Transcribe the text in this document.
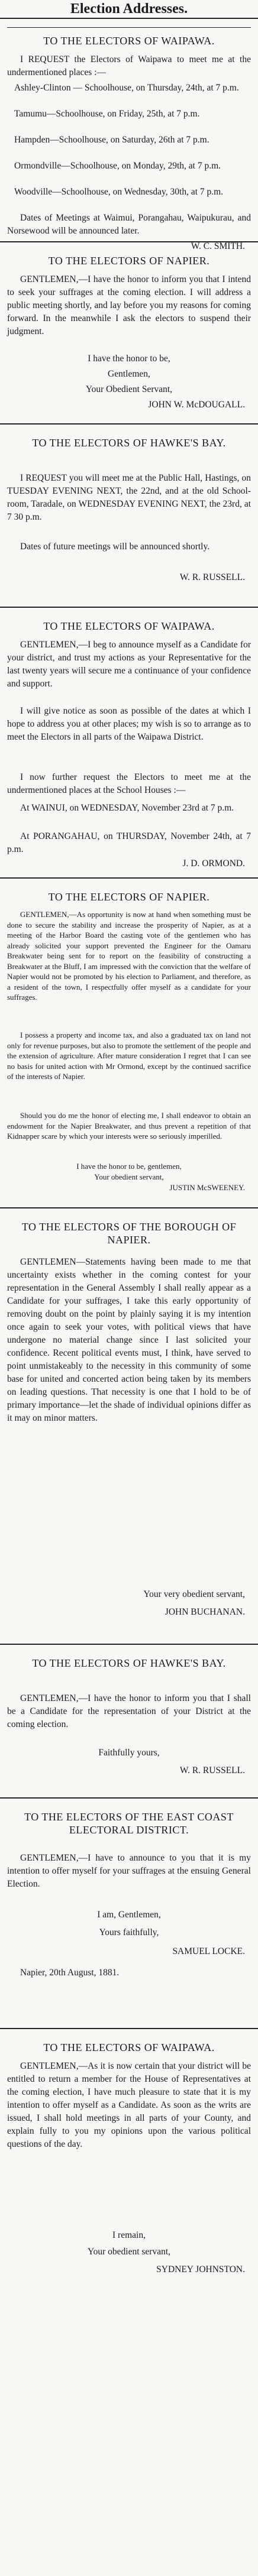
Election Addresses.
TO THE ELECTORS OF WAIPAWA.
I REQUEST the Electors of Waipawa to meet me at the undermentioned places :—
Ashley-Clinton — Schoolhouse, on Thursday, 24th, at 7 p.m.
Tamumu—Schoolhouse, on Friday, 25th, at 7 p.m.
Hampden—Schoolhouse, on Saturday, 26th at 7 p.m.
Ormondville—Schoolhouse, on Monday, 29th, at 7 p.m.
Woodville—Schoolhouse, on Wednesday, 30th, at 7 p.m.
Dates of Meetings at Waimui, Porangahau, Waipukurau, and Norsewood will be announced later.
W. C. SMITH.
TO THE ELECTORS OF NAPIER.
GENTLEMEN,—I have the honor to inform you that I intend to seek your suffrages at the coming election. I will address a public meeting shortly, and lay before you my reasons for coming forward. In the meanwhile I ask the electors to suspend their judgment.
I have the honor to be,
Gentlemen,
Your Obedient Servant,
JOHN W. McDOUGALL.
TO THE ELECTORS OF HAWKE'S BAY.
I REQUEST you will meet me at the Public Hall, Hastings, on TUESDAY EVENING NEXT, the 22nd, and at the old School-room, Taradale, on WEDNESDAY EVENING NEXT, the 23rd, at 7 30 p.m.
Dates of future meetings will be announced shortly.
W. R. RUSSELL.
TO THE ELECTORS OF WAIPAWA.
GENTLEMEN,—I beg to announce myself as a Candidate for your district, and trust my actions as your Representative for the last twenty years will secure me a continuance of your confidence and support.
I will give notice as soon as possible of the dates at which I hope to address you at other places; my wish is so to arrange as to meet the Electors in all parts of the Waipawa District.
I now further request the Electors to meet me at the undermentioned places at the School Houses :—
At WAINUI, on WEDNESDAY, November 23rd at 7 p.m.
At PORANGAHAU, on THURSDAY, November 24th, at 7 p.m.
J. D. ORMOND.
TO THE ELECTORS OF NAPIER.
GENTLEMEN,—As opportunity is now at hand when something must be done to secure the stability and increase the prosperity of Napier, as at a meeting of the Harbor Board the casting vote of the gentlemen who has already solicited your support prevented the Engineer for the Oamaru Breakwater being sent for to report on the feasibility of constructing a Breakwater at the Bluff, I am impressed with the conviction that the welfare of Napier would not be promoted by his election to Parliament, and therefore, as a resident of the town, I respectfully offer myself as a candidate for your suffrages.
I possess a property and income tax, and also a graduated tax on land not only for revenue purposes, but also to promote the settlement of the people and the extension of agriculture. After mature consideration I regret that I can see no basis for united action with Mr Ormond, except by the continued sacrifice of the interests of Napier.
Should you do me the honor of electing me, I shall endeavor to obtain an endowment for the Napier Breakwater, and thus prevent a repetition of that Kidnapper scare by which your interests were so seriously imperilled.
I have the honor to be, gentlemen,
Your obedient servant,
JUSTIN McSWEENEY.
TO THE ELECTORS OF THE BOROUGH OF NAPIER.
GENTLEMEN—Statements having been made to me that uncertainty exists whether in the coming contest for your representation in the General Assembly I shall really appear as a Candidate for your suffrages, I take this early opportunity of removing doubt on the point by plainly saying it is my intention once again to seek your votes, with political views that have undergone no material change since I last solicited your confidence. Recent political events must, I think, have served to point unmistakeably to the necessity in this community of some base for united and concerted action being taken by its members on leading questions. That necessity is one that I hold to be of primary importance—let the shade of individual opinions differ as it may on minor matters.
Your very obedient servant,
JOHN BUCHANAN.
TO THE ELECTORS OF HAWKE'S BAY.
GENTLEMEN,—I have the honor to inform you that I shall be a Candidate for the representation of your District at the coming election.
Faithfully yours,
W. R. RUSSELL.
TO THE ELECTORS OF THE EAST COAST ELECTORAL DISTRICT.
GENTLEMEN,—I have to announce to you that it is my intention to offer myself for your suffrages at the ensuing General Election.
I am, Gentlemen,
Yours faithfully,
SAMUEL LOCKE.
Napier, 20th August, 1881.
TO THE ELECTORS OF WAIPAWA.
GENTLEMEN,—As it is now certain that your district will be entitled to return a member for the House of Representatives at the coming election, I have much pleasure to state that it is my intention to offer myself as a Candidate. As soon as the writs are issued, I shall hold meetings in all parts of your County, and explain fully to you my opinions upon the various political questions of the day.
I remain,
Your obedient servant,
SYDNEY JOHNSTON.
